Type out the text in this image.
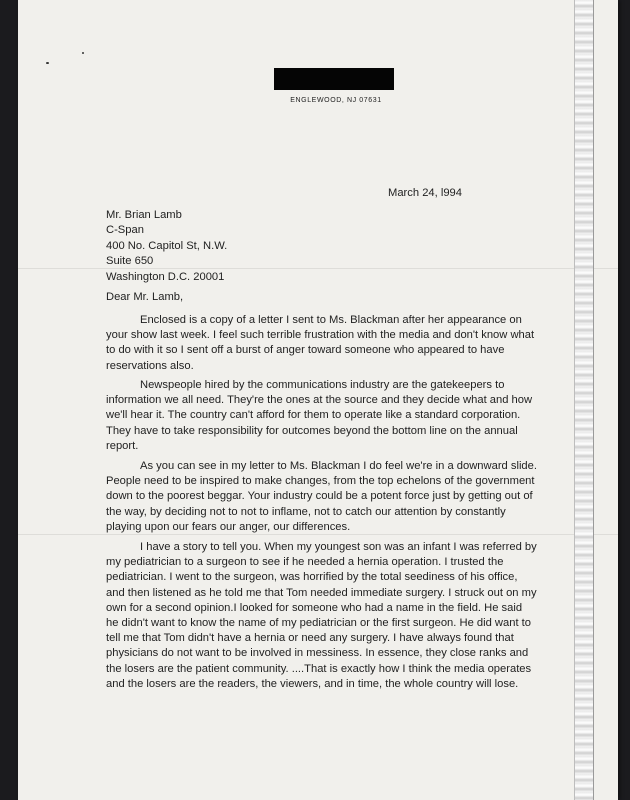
ENGLEWOOD, NJ 07631
March 24, l994
Mr. Brian Lamb
C-Span
400 No. Capitol St, N.W.
Suite 650
Washington D.C. 20001
Dear Mr. Lamb,
Enclosed is a copy of a letter I sent to Ms. Blackman after her appearance on
your show last week. I feel such terrible frustration with the media and don't know what
to do with it so I sent off a burst of anger toward someone who appeared to have
reservations also.
Newspeople hired by the communications industry are the gatekeepers to
information we all need. They're the ones at the source and they decide what and how
we'll hear it. The country can't afford for them to operate like a standard corporation.
They have to take responsibility for outcomes beyond the bottom line on the annual
report.
As you can see in my letter to Ms. Blackman I do feel we're in a downward slide.
People need to be inspired to make changes, from the top echelons of the government
down to the poorest beggar. Your industry could be a potent force just by getting out of
the way, by deciding not to not to inflame, not to catch our attention by constantly
playing upon our fears our anger, our differences.
I have a story to tell you. When my youngest son was an infant I was referred by
my pediatrician to a surgeon to see if he needed a hernia operation. I trusted the
pediatrician. I went to the surgeon, was horrified by the total seediness of his office,
and then listened as he told me that Tom needed immediate surgery. I struck out on my
own for a second opinion.I looked for someone who had a name in the field. He said
he didn't want to know the name of my pediatrician or the first surgeon. He did want to
tell me that Tom didn't have a hernia or need any surgery. I have always found that
physicians do not want to be involved in messiness. In essence, they close ranks and
the losers are the patient community. ....That is exactly how I think the media operates
and the losers are the readers, the viewers, and in time, the whole country will lose.
